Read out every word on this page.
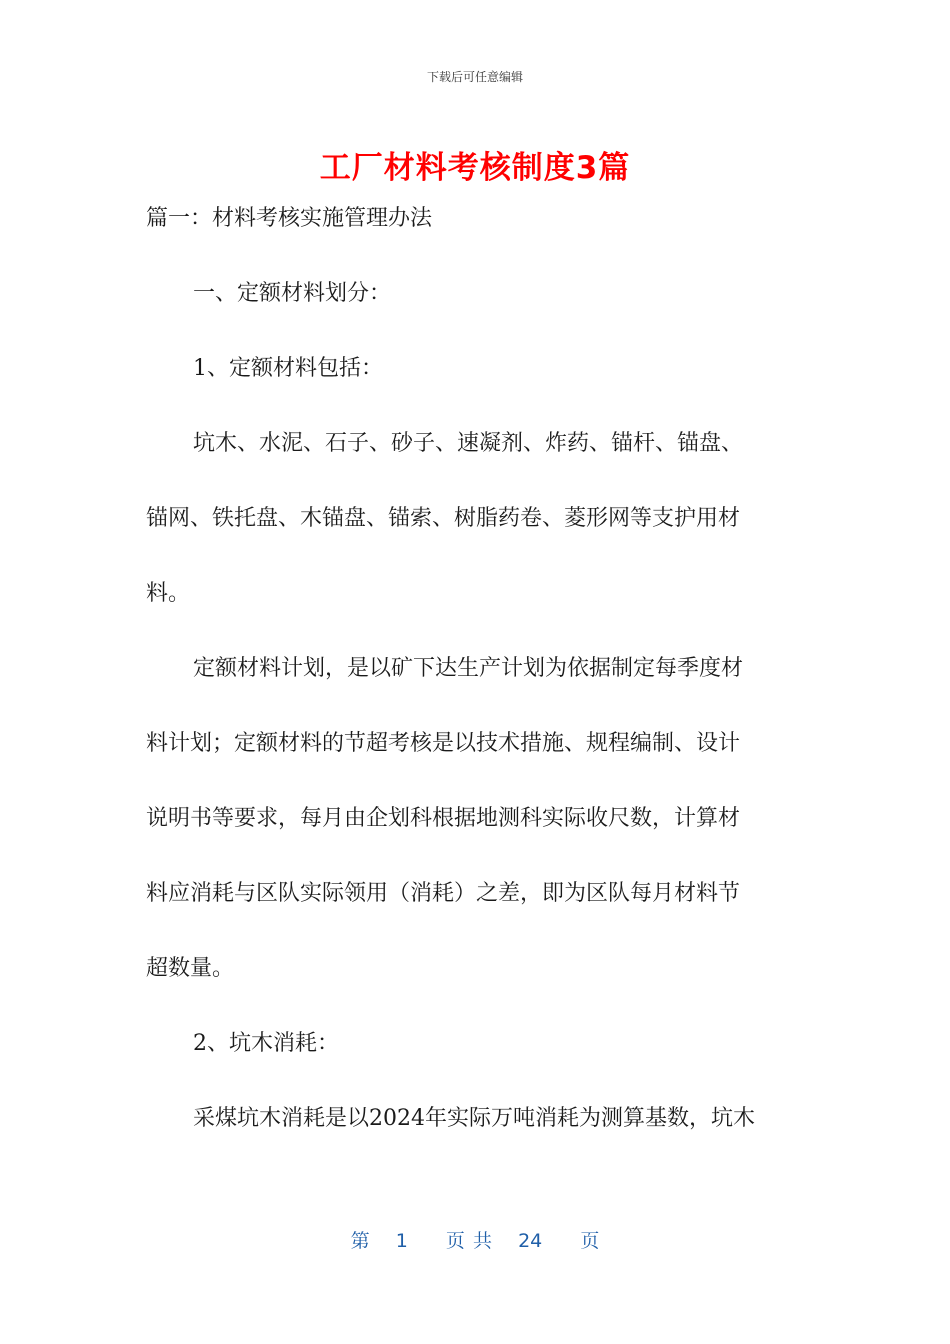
下载后可任意编辑
工厂材料考核制度3篇
篇一：材料考核实施管理办法
一、定额材料划分：
1、定额材料包括：
坑木、水泥、石子、砂子、速凝剂、炸药、锚杆、锚盘、
锚网、铁托盘、木锚盘、锚索、树脂药卷、菱形网等支护用材
料。
定额材料计划，是以矿下达生产计划为依据制定每季度材
料计划；定额材料的节超考核是以技术措施、规程编制、设计
说明书等要求，每月由企划科根据地测科实际收尺数，计算材
料应消耗与区队实际领用（消耗）之差，即为区队每月材料节
超数量。
2、坑木消耗：
采煤坑木消耗是以2024年实际万吨消耗为测算基数，坑木
第 1 页 共 24 页
